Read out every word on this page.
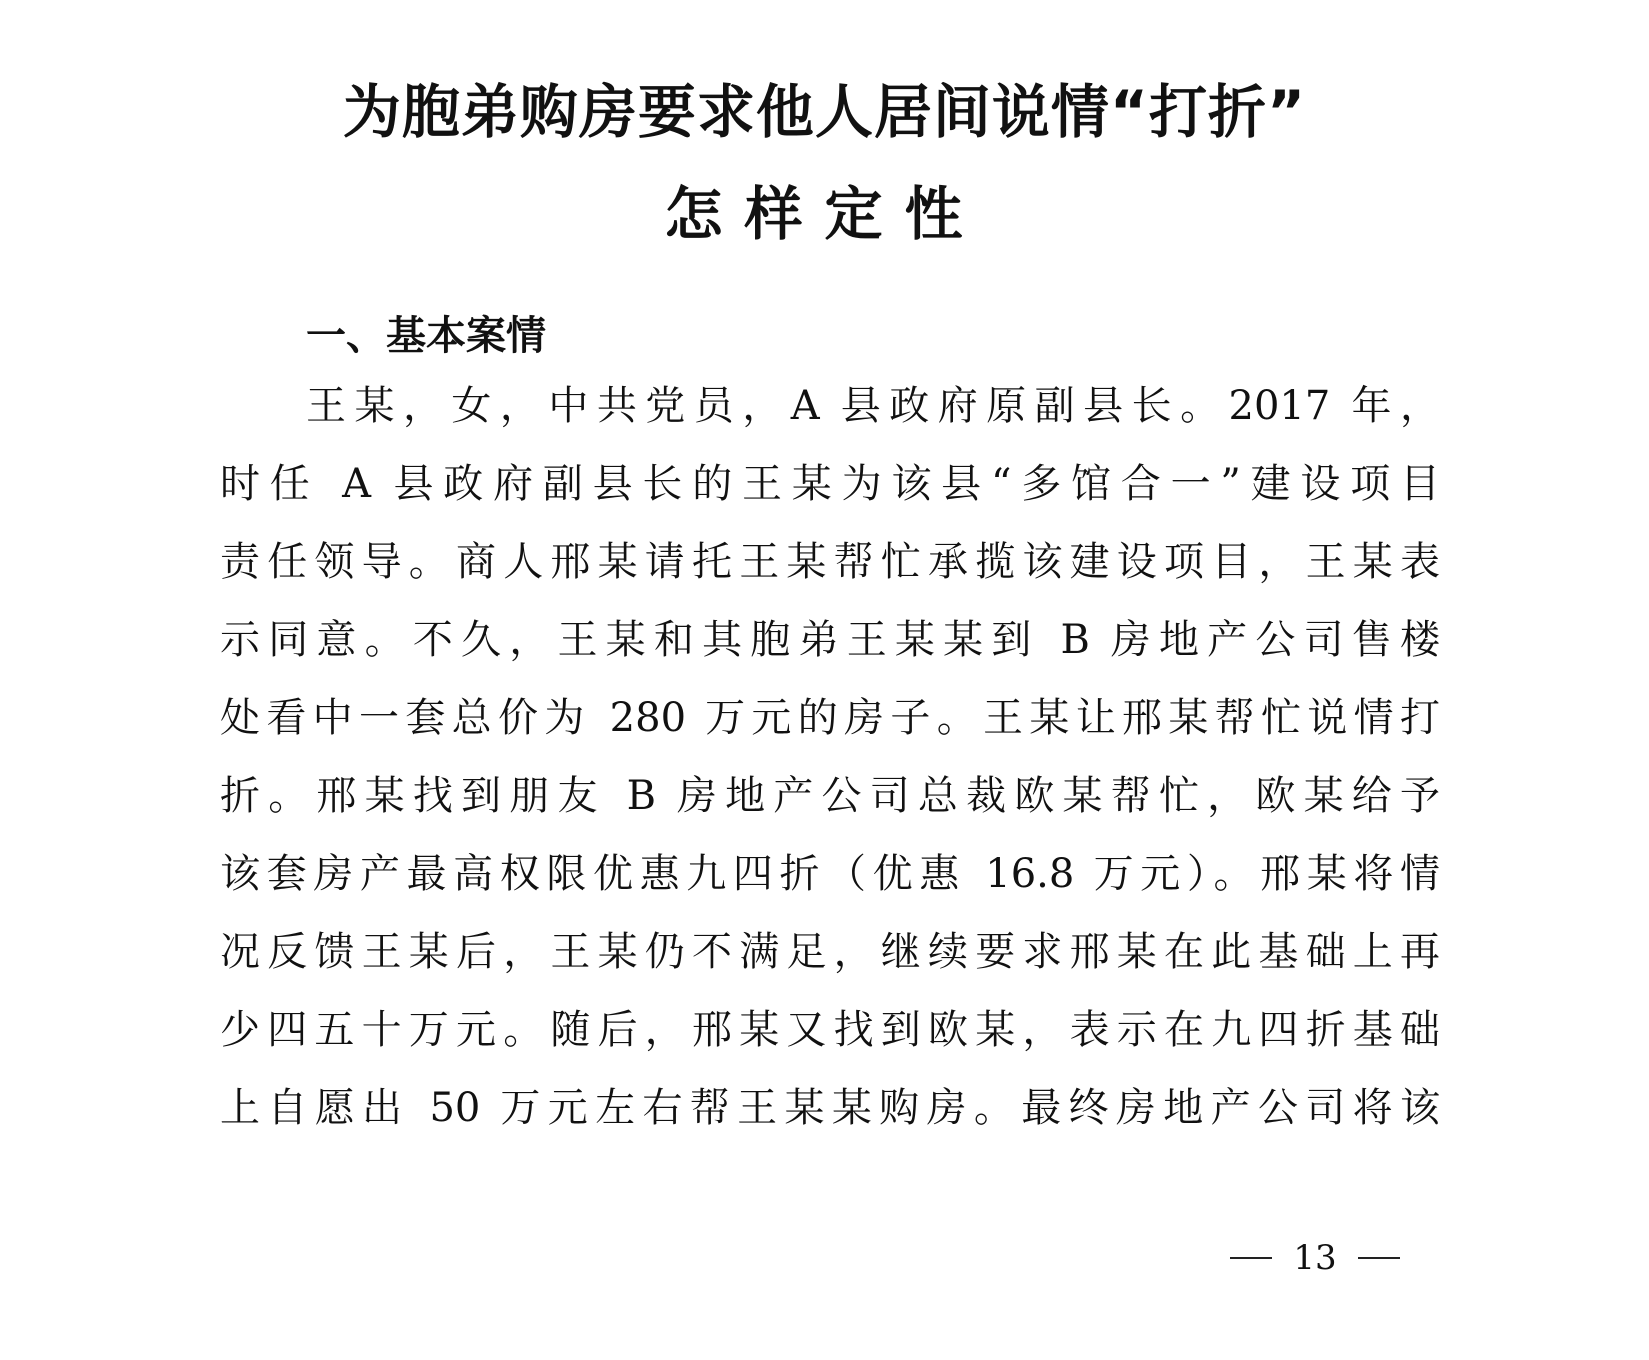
为胞弟购房要求他人居间说情“打折”
怎样定性
一、基本案情

王某，女，中共党员，A 县政府原副县长。2017 年，

时任 A 县政府副县长的王某为该县“多馆合一”建设项目

责任领导。商人邢某请托王某帮忙承揽该建设项目，王某表

示同意。不久，王某和其胞弟王某某到 B 房地产公司售楼

处看中一套总价为 280 万元的房子。王某让邢某帮忙说情打

折。邢某找到朋友 B 房地产公司总裁欧某帮忙，欧某给予

该套房产最高权限优惠九四折（优惠 16.8 万元）。邢某将情

况反馈王某后，王某仍不满足，继续要求邢某在此基础上再

少四五十万元。随后，邢某又找到欧某，表示在九四折基础

上自愿出 50 万元左右帮王某某购房。最终房地产公司将该

13
